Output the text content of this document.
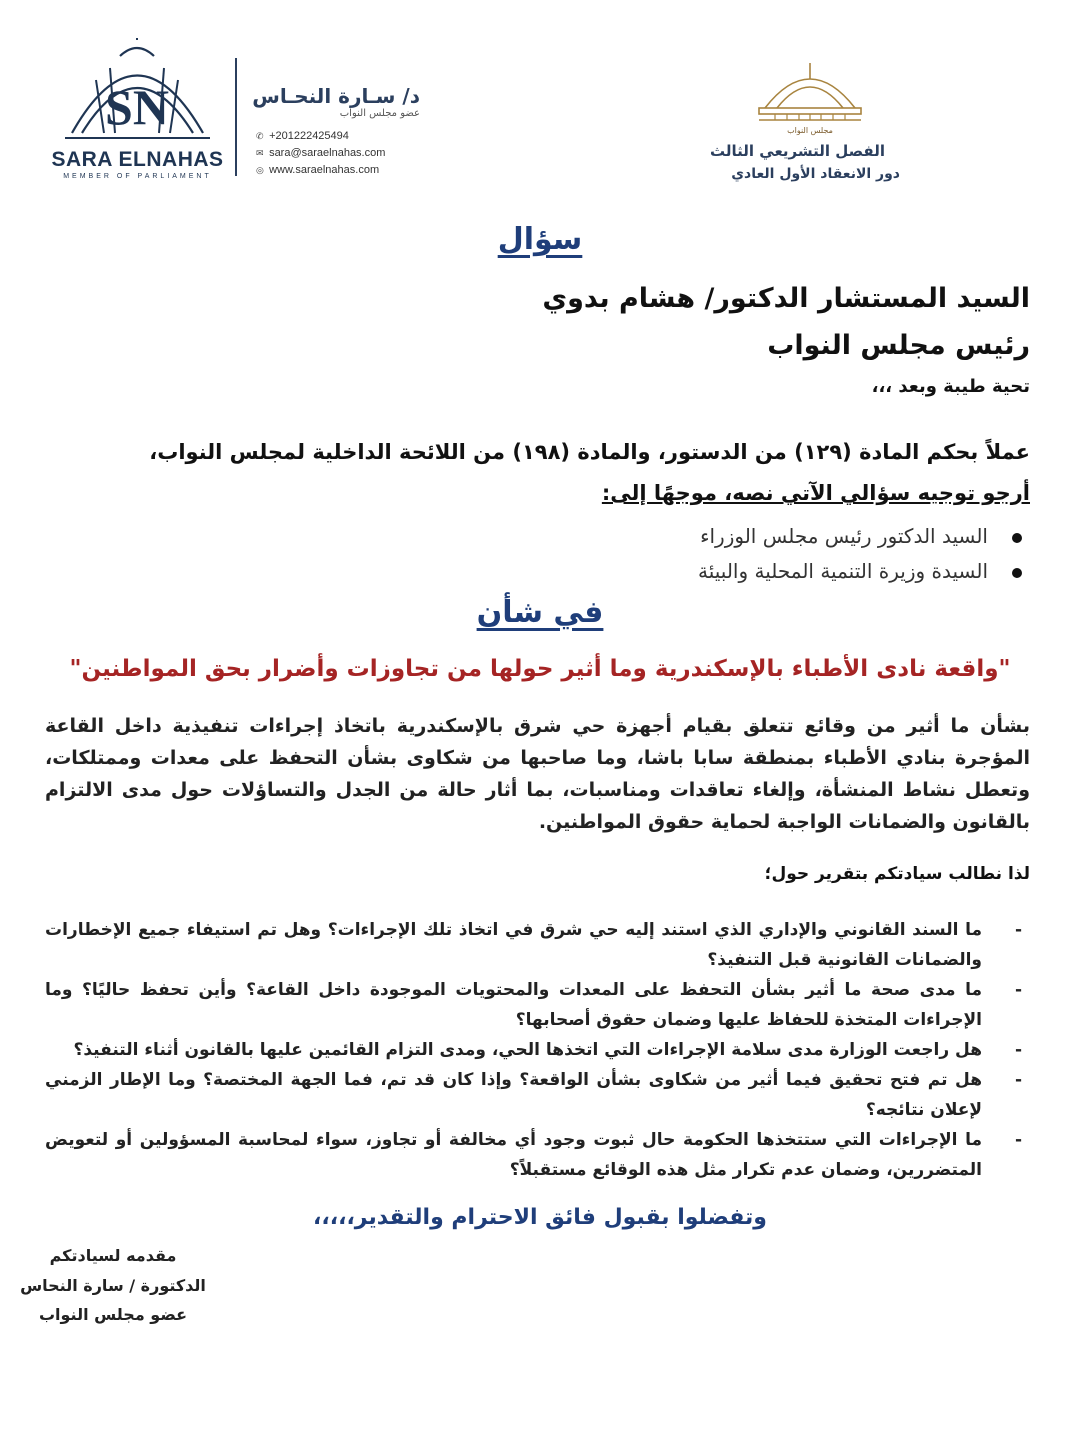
SN
SARA ELNAHAS
MEMBER OF PARLIAMENT
د/ سـارة النحـاس
عضو مجلس النواب
✆ +201222425494
✉ sara@saraelnahas.com
◎ www.saraelnahas.com
مجلس النواب
الفصل التشريعي الثالث
دور الانعقاد الأول العادي
سؤال
السيد المستشار الدكتور/ هشام بدوي
رئيس مجلس النواب
تحية طيبة وبعد ،،،
عملاً بحكم المادة (١٢٩) من الدستور، والمادة (١٩٨) من اللائحة الداخلية لمجلس النواب،
أرجو توجيه سؤالي الآتي نصه، موجهًا إلى:
السيد الدكتور رئيس مجلس الوزراء
السيدة وزيرة التنمية المحلية والبيئة
في شأن
"واقعة نادى الأطباء بالإسكندرية وما أثير حولها من تجاوزات وأضرار بحق المواطنين"
بشأن ما أثير من وقائع تتعلق بقيام أجهزة حي شرق بالإسكندرية باتخاذ إجراءات تنفيذية داخل القاعة المؤجرة بنادي الأطباء بمنطقة سابا باشا، وما صاحبها من شكاوى بشأن التحفظ على معدات وممتلكات، وتعطل نشاط المنشأة، وإلغاء تعاقدات ومناسبات، بما أثار حالة من الجدل والتساؤلات حول مدى الالتزام بالقانون والضمانات الواجبة لحماية حقوق المواطنين.
لذا نطالب سيادتكم بتقرير حول؛
-
ما السند القانوني والإداري الذي استند إليه حي شرق في اتخاذ تلك الإجراءات؟ وهل تم استيفاء جميع الإخطارات والضمانات القانونية قبل التنفيذ؟
-
ما مدى صحة ما أثير بشأن التحفظ على المعدات والمحتويات الموجودة داخل القاعة؟ وأين تحفظ حاليًا؟ وما الإجراءات المتخذة للحفاظ عليها وضمان حقوق أصحابها؟
-
هل راجعت الوزارة مدى سلامة الإجراءات التي اتخذها الحي، ومدى التزام القائمين عليها بالقانون أثناء التنفيذ؟
-
هل تم فتح تحقيق فيما أثير من شكاوى بشأن الواقعة؟ وإذا كان قد تم، فما الجهة المختصة؟ وما الإطار الزمني لإعلان نتائجه؟
-
ما الإجراءات التي ستتخذها الحكومة حال ثبوت وجود أي مخالفة أو تجاوز، سواء لمحاسبة المسؤولين أو لتعويض المتضررين، وضمان عدم تكرار مثل هذه الوقائع مستقبلاً؟
وتفضلوا بقبول فائق الاحترام والتقدير،،،،،
مقدمه لسيادتكم
الدكتورة / سارة النحاس
عضو مجلس النواب
